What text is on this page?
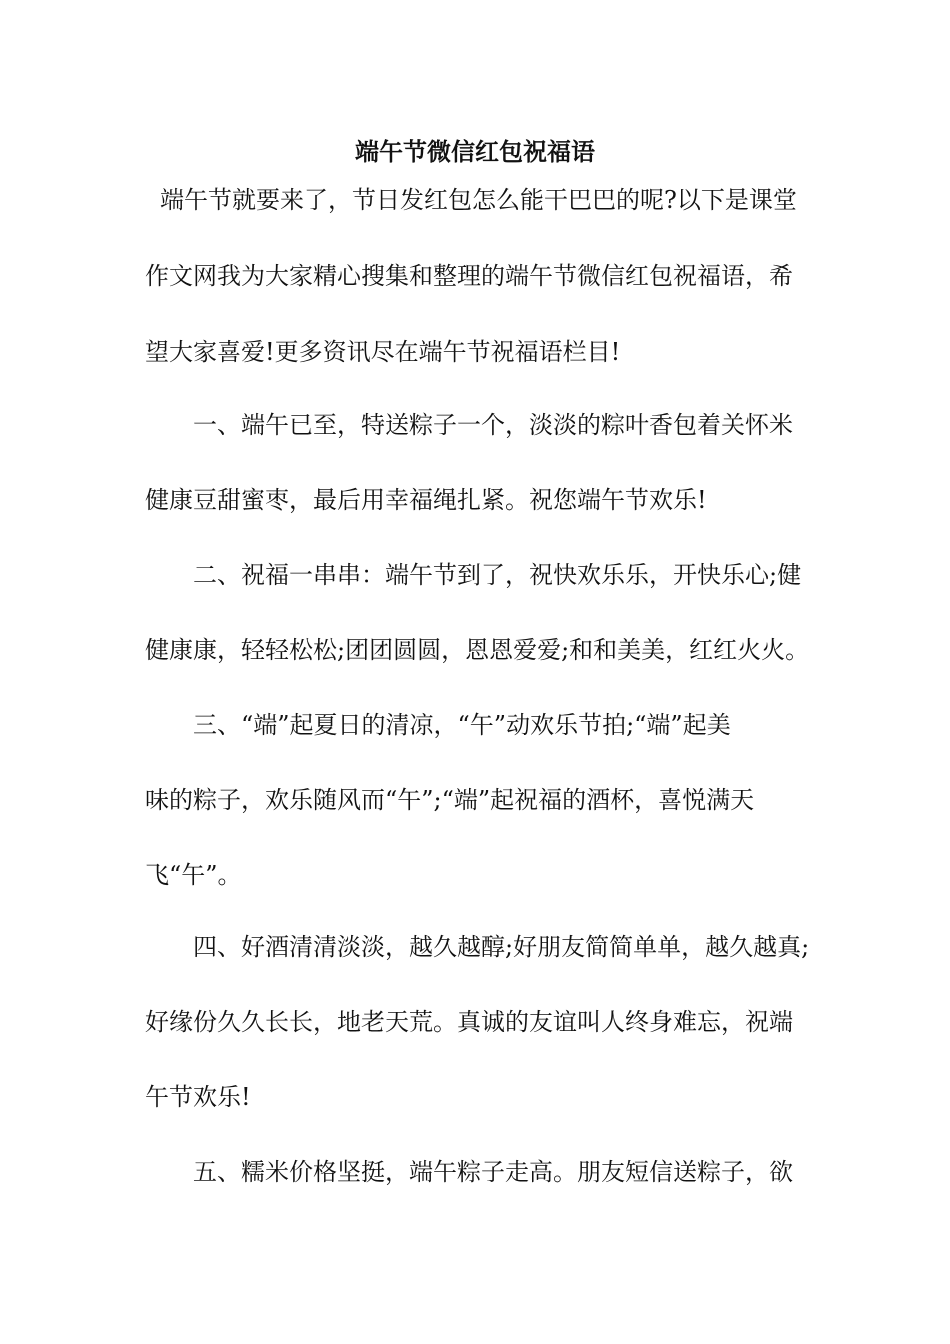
端午节微信红包祝福语

端午节就要来了，节日发红包怎么能干巴巴的呢?以下是课堂

作文网我为大家精心搜集和整理的端午节微信红包祝福语，希

望大家喜爱!更多资讯尽在端午节祝福语栏目!

一、端午已至，特送粽子一个，淡淡的粽叶香包着关怀米

健康豆甜蜜枣，最后用幸福绳扎紧。祝您端午节欢乐!

二、祝福一串串：端午节到了，祝快欢乐乐，开快乐心;健

健康康，轻轻松松;团团圆圆，恩恩爱爱;和和美美，红红火火。

三、“端”起夏日的清凉，“午”动欢乐节拍;“端”起美

味的粽子，欢乐随风而“午”;“端”起祝福的酒杯，喜悦满天

飞“午”。

四、好酒清清淡淡，越久越醇;好朋友简简单单，越久越真;

好缘份久久长长，地老天荒。真诚的友谊叫人终身难忘，祝端

午节欢乐!

五、糯米价格坚挺，端午粽子走高。朋友短信送粽子，欲
